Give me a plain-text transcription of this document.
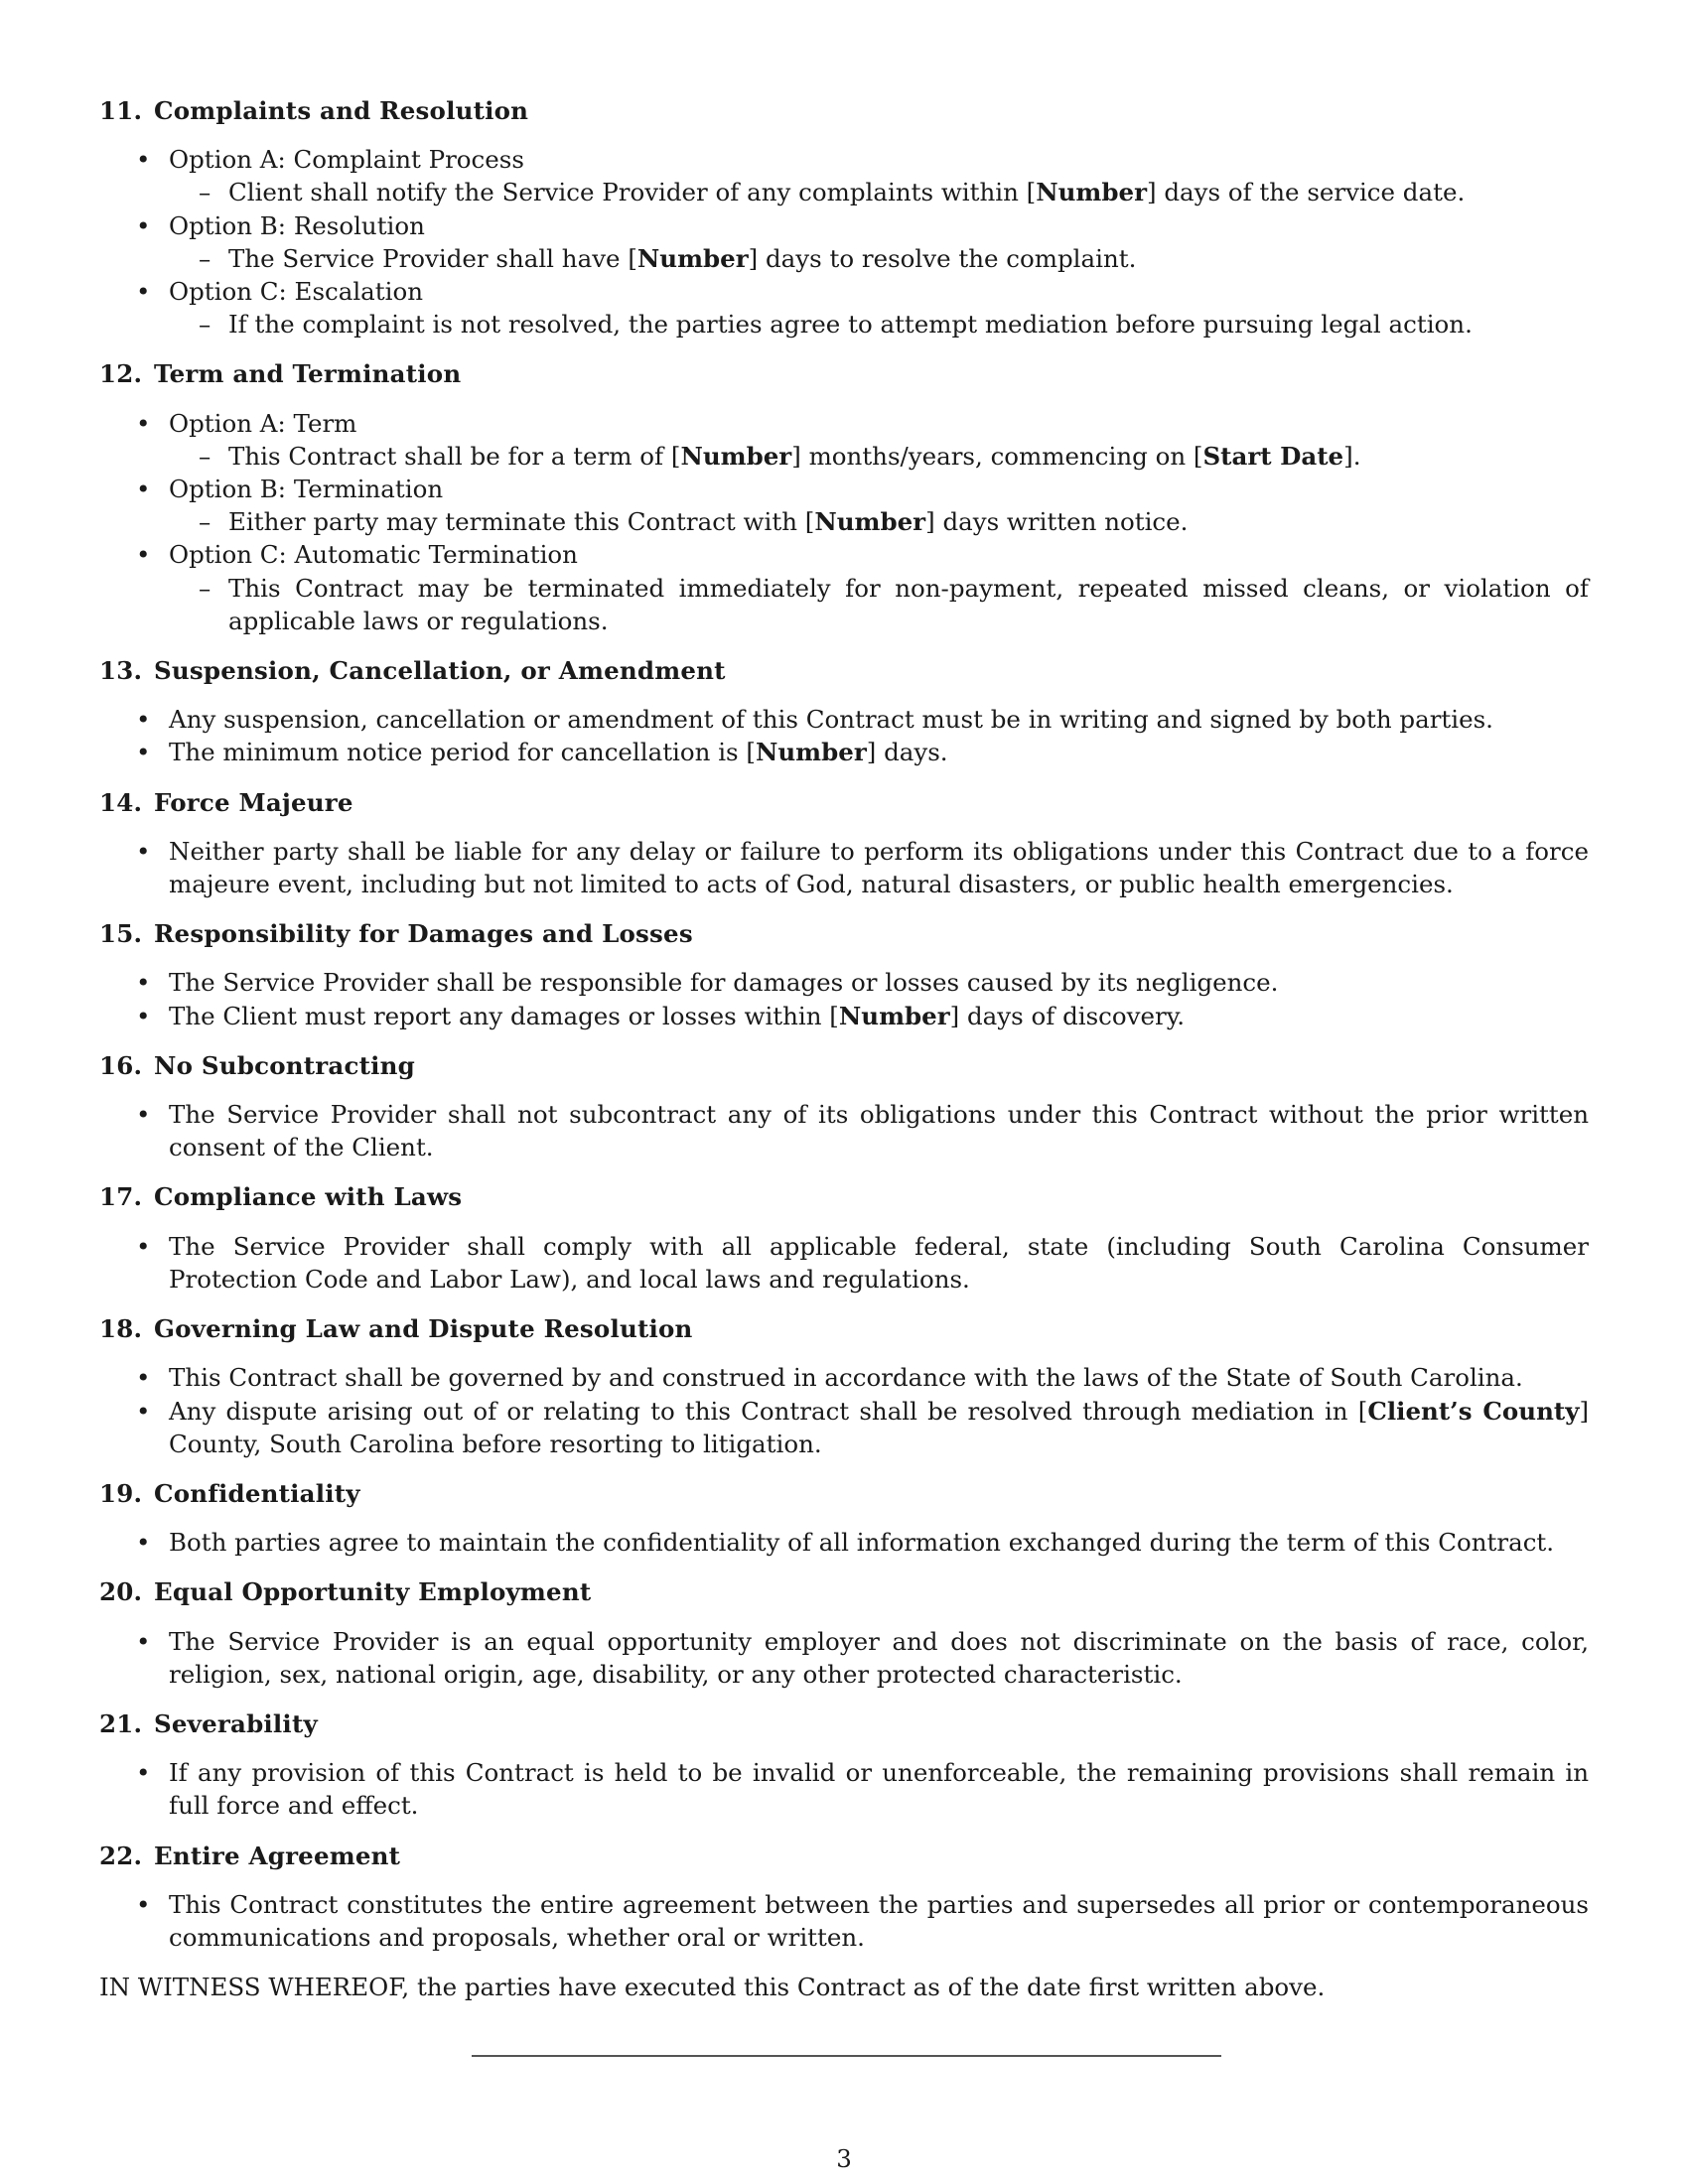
11. Complaints and Resolution
• Option A: Complaint Process
– Client shall notify the Service Provider of any complaints within [Number] days of the service date.
• Option B: Resolution
– The Service Provider shall have [Number] days to resolve the complaint.
• Option C: Escalation
– If the complaint is not resolved, the parties agree to attempt mediation before pursuing legal action.
12. Term and Termination
• Option A: Term
– This Contract shall be for a term of [Number] months/years, commencing on [Start Date].
• Option B: Termination
– Either party may terminate this Contract with [Number] days written notice.
• Option C: Automatic Termination
– This Contract may be terminated immediately for non-payment, repeated missed cleans, or violation of applicable laws or regulations.
13. Suspension, Cancellation, or Amendment
• Any suspension, cancellation or amendment of this Contract must be in writing and signed by both parties.
• The minimum notice period for cancellation is [Number] days.
14. Force Majeure
• Neither party shall be liable for any delay or failure to perform its obligations under this Contract due to a force majeure event, including but not limited to acts of God, natural disasters, or public health emergencies.
15. Responsibility for Damages and Losses
• The Service Provider shall be responsible for damages or losses caused by its negligence.
• The Client must report any damages or losses within [Number] days of discovery.
16. No Subcontracting
• The Service Provider shall not subcontract any of its obligations under this Contract without the prior written consent of the Client.
17. Compliance with Laws
• The Service Provider shall comply with all applicable federal, state (including South Carolina Consumer Protection Code and Labor Law), and local laws and regulations.
18. Governing Law and Dispute Resolution
• This Contract shall be governed by and construed in accordance with the laws of the State of South Carolina.
• Any dispute arising out of or relating to this Contract shall be resolved through mediation in [Client’s County] County, South Carolina before resorting to litigation.
19. Confidentiality
• Both parties agree to maintain the confidentiality of all information exchanged during the term of this Contract.
20. Equal Opportunity Employment
• The Service Provider is an equal opportunity employer and does not discriminate on the basis of race, color, religion, sex, national origin, age, disability, or any other protected characteristic.
21. Severability
• If any provision of this Contract is held to be invalid or unenforceable, the remaining provisions shall remain in full force and effect.
22. Entire Agreement
• This Contract constitutes the entire agreement between the parties and supersedes all prior or contemporaneous communications and proposals, whether oral or written.
IN WITNESS WHEREOF, the parties have executed this Contract as of the date first written above.
3
